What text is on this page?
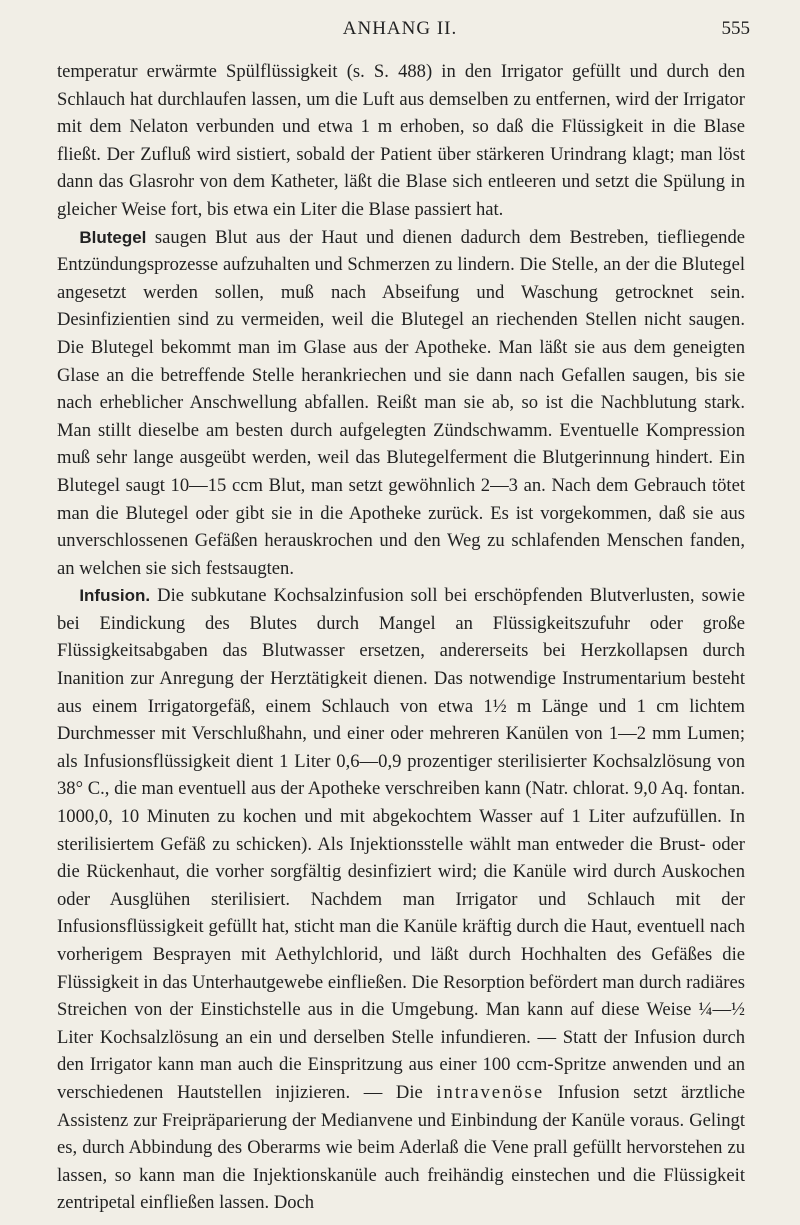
ANHANG II.	555

temperatur erwärmte Spülflüssigkeit (s. S. 488) in den Irrigator gefüllt und durch den Schlauch hat durchlaufen lassen, um die Luft aus demselben zu entfernen, wird der Irrigator mit dem Nelaton verbunden und etwa 1 m erhoben, so daß die Flüssigkeit in die Blase fließt. Der Zufluß wird sistiert, sobald der Patient über stärkeren Urindrang klagt; man löst dann das Glasrohr von dem Katheter, läßt die Blase sich entleeren und setzt die Spülung in gleicher Weise fort, bis etwa ein Liter die Blase passiert hat.

Blutegel saugen Blut aus der Haut und dienen dadurch dem Bestreben, tiefliegende Entzündungsprozesse aufzuhalten und Schmerzen zu lindern. Die Stelle, an der die Blutegel angesetzt werden sollen, muß nach Abseifung und Waschung getrocknet sein. Desinfizientien sind zu vermeiden, weil die Blutegel an riechenden Stellen nicht saugen. Die Blutegel bekommt man im Glase aus der Apotheke. Man läßt sie aus dem geneigten Glase an die betreffende Stelle herankriechen und sie dann nach Gefallen saugen, bis sie nach erheblicher Anschwellung abfallen. Reißt man sie ab, so ist die Nachblutung stark. Man stillt dieselbe am besten durch aufgelegten Zündschwamm. Eventuelle Kompression muß sehr lange ausgeübt werden, weil das Blutegelferment die Blutgerinnung hindert. Ein Blutegel saugt 10—15 ccm Blut, man setzt gewöhnlich 2—3 an. Nach dem Gebrauch tötet man die Blutegel oder gibt sie in die Apotheke zurück. Es ist vorgekommen, daß sie aus unverschlossenen Gefäßen herauskrochen und den Weg zu schlafenden Menschen fanden, an welchen sie sich festsaugten.

Infusion. Die subkutane Kochsalzinfusion soll bei erschöpfenden Blutverlusten, sowie bei Eindickung des Blutes durch Mangel an Flüssigkeitszufuhr oder große Flüssigkeitsabgaben das Blutwasser ersetzen, andererseits bei Herzkollapsen durch Inanition zur Anregung der Herztätigkeit dienen. Das notwendige Instrumentarium besteht aus einem Irrigatorgefäß, einem Schlauch von etwa 1½ m Länge und 1 cm lichtem Durchmesser mit Verschlußhahn, und einer oder mehreren Kanülen von 1—2 mm Lumen; als Infusionsflüssigkeit dient 1 Liter 0,6—0,9 prozentiger sterilisierter Kochsalzlösung von 38° C., die man eventuell aus der Apotheke verschreiben kann (Natr. chlorat. 9,0 Aq. fontan. 1000,0, 10 Minuten zu kochen und mit abgekochtem Wasser auf 1 Liter aufzufüllen. In sterilisiertem Gefäß zu schicken). Als Injektionsstelle wählt man entweder die Brust- oder die Rückenhaut, die vorher sorgfältig desinfiziert wird; die Kanüle wird durch Auskochen oder Ausglühen sterilisiert. Nachdem man Irrigator und Schlauch mit der Infusionsflüssigkeit gefüllt hat, sticht man die Kanüle kräftig durch die Haut, eventuell nach vorherigem Besprayen mit Aethylchlorid, und läßt durch Hochhalten des Gefäßes die Flüssigkeit in das Unterhautgewebe einfließen. Die Resorption befördert man durch radiäres Streichen von der Einstichstelle aus in die Umgebung. Man kann auf diese Weise ¼—½ Liter Kochsalzlösung an ein und derselben Stelle infundieren. — Statt der Infusion durch den Irrigator kann man auch die Einspritzung aus einer 100 ccm-Spritze anwenden und an verschiedenen Hautstellen injizieren. — Die intravenöse Infusion setzt ärztliche Assistenz zur Freipräparierung der Medianvene und Einbindung der Kanüle voraus. Gelingt es, durch Abbindung des Oberarms wie beim Aderlaß die Vene prall gefüllt hervorstehen zu lassen, so kann man die Injektionskanüle auch freihändig einstechen und die Flüssigkeit zentripetal einfließen lassen. Doch
